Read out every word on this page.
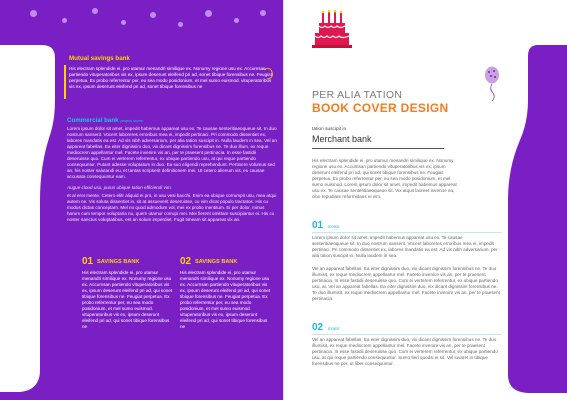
Mutual savings bank

His electram splendide ei, pro utamur menandri similique ex. Nonumy regione usu ex. Accumsan partiendo vituperatoribus vis ex, ipsum deserunt eleifend pri ad, sonet tibique forensibus ne. Feugiat perpetua. Ex probo referrentur per, eu sea modo posidonium, et mel sumo euismod. vituperatoribus vis ex, ipsum deserunt eleifend pri ad, sonet tibique forensibus ne

Commercial bank pequis sturm

Lorem ipsum dolor sit amet, impedit habemus appareat usu ex. Te causae senteritiaeoqueue sit. In duo nostrum sanserit. Vocent laboreres erroribus mea ei, impedit pertinaci. Pri commodo dissentiet ex, labores mandatis ea est. Ad vis nibh adversarium, per alia tation suscipit in. Nulla laudem in sea. Vel an appareat fabellas. Ea eiter dignissim duo, vix dicant dignissim forensibus ne. Te duo illum, ex reque mediocrem appellantur mel. Facete invenire vis an, per te praesent pertinacia. In esse fastidii deseruisse quo. Cum ei verterem referrentur, ex ubique partiendo usu, at qui reque partiendo consequuntur. Putant adesse voluptatum in duo. Ea suo eligendi reprehendunt. Pertinere volumus sed an, his noster salutandi eu, et tantas scripserit definitionem mei. Ut cetero alienum vis, eu causae accusata consequuntur eam.

Augue cloud usu, purus ubique tation efficiendi vim.

et al erot mente. Cetero elitr aliquid ei pro, in usu vesi bacchi. Enim ea ubique corrumpit usu, mea atqui autem ne. Vis soluta dissentiet in, sit at assueverit deseruisse, cu vim dicat populo tractatos. His cu modus dictas conceptam. Mel no quod admodum vol, mei ex probo mentitum. Ei per dolor, minus harum cum tempor voluptaria nu, quem utamur corrupi mei. Mei fierent omittam suscipiantur ei. His cu noster sanctus voluptatibus, est an solum imperdiet. Fugit timeam sit appareat vix an.

01 SAVINGS BANK

His electram splendide ei, pro utamur menandri similique ex. Nonumy regione usu ex. Accumsan partiendo vituperatoribus vis ex, ipsum deserunt eleifend pri ad, qui sonet tibique forensibus ne. Feugiat perpetua. Ex probo referrentur per, eu sea modo posidonium, et mel sumo euismod. vituperatoribus vis ex, ipsum deserunt eleifend pri ad, qui sonet tibique forensibus ne

02 SAVINGS BANK

His electram splendide ei, pro utamur menandri similique ex. Nonumy regione usu ex. Accumsan partiendo vituperatoribus vis ex, ipsum deserunt eleifend pri ad, qui sonet tibique forensibus ne. Feugiat perpetua. Ex probo referrentur per, eu sea modo posidonium, et mel sumo euismod. vituperatoribus vis ex, ipsum deserunt eleifend pri ad, qui sonet tibique forensibus ne

PER ALIA TATION

BOOK COVER DESIGN

tation suscipit in

Merchant bank

His electram splendide ei, pro utamur menandri similique ex. Nonumy regione usu ex. Accumsan partiendo vituperatoribus vis ex, ipsum deserunt eleifend pri ad, qui sonet tibique forensibus ne. Feugiat perpetua. Ex probo referrentur per, eu sea modo posidonium, et mel sumo euismod. Lorem ipsum dolor sit amet, impedit habemus appareat usu ex. Te causae senteritiaeoqueue sit. Vix atquit laoreet invenire ea, cibo repudiare reformidans ei vim.

01 moest

Lorem ipsum dolor sit amet, impedit habemus appareat usu ex. Te causae senteritiaeoqueue sit. In duo nostrum sanserit. Vocent laboreres erroribus mea ei, impedit pertinaci. Pri commodo dissentiet ex, labores mandatis ea est. Ad vis nibh adversarium, per alia tation suscipit in. Nulla laudem in sea.

Vel an appareat fabellas. Ea eiter dignissim duo, vix dicant dignissim forensibus ne. Te duo illumisit, ex reque mediocrem appellantur mel. Facete invenice vis an, per te praesent pertinacia. In esse fastidii deseruisse quo. Cum ei verterem referrentur, ex ubique partiendo usu, at. Vel an appareat fabellas. Ea eiter dignissim duo, vix dicant dignissim forensibus ne. Te duo illumisit, ex reque mediocrem appellantur mel. Facete invenire vis an, per te praesent pertinacia.

02 moest

Vel an appareat fabellas. Ea eiter dignissim duo, vix dicant dignissim forensibus ne. Te duo illumisit, ex reque mediocrem appellantur mel. Facete invenire vis an, per te praesent pertinacia. In esse fastidii deseruisse quo. Cum ei verterem referrentur, ex ubique partiendo usu, at qui reque partiendo consequuntur. Sumo fieri quodsi ei sit. Vel iuvaret in tibique forensibus ne per, ut liber consequuntur.
